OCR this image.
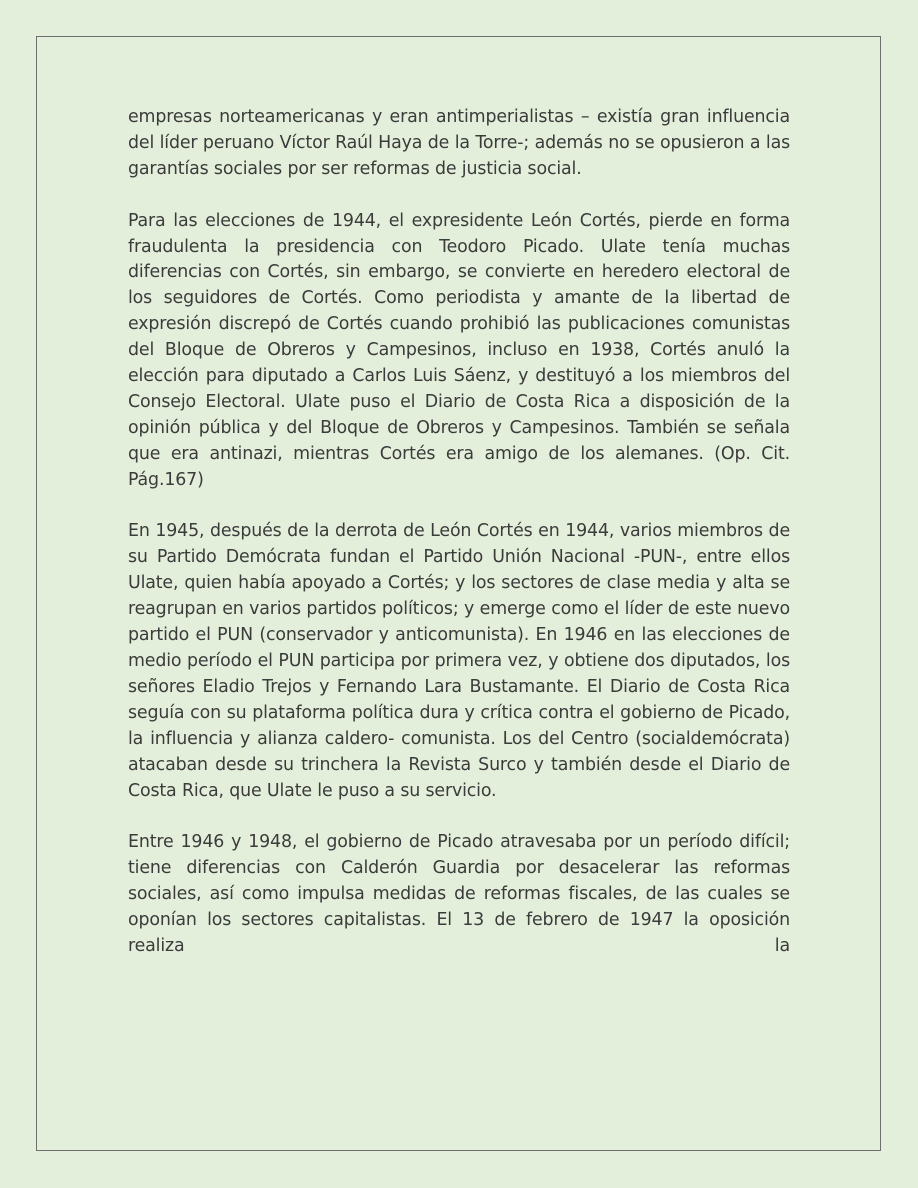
empresas norteamericanas y eran antimperialistas – existía gran influencia del líder peruano Víctor Raúl Haya de la Torre-; además no se opusieron a las garantías sociales por ser reformas de justicia social.

Para las elecciones de 1944, el expresidente León Cortés, pierde en forma fraudulenta la presidencia con Teodoro Picado. Ulate tenía muchas diferencias con Cortés, sin embargo, se convierte en heredero electoral de los seguidores de Cortés. Como periodista y amante de la libertad de expresión discrepó de Cortés cuando prohibió las publicaciones comunistas del Bloque de Obreros y Campesinos, incluso en 1938, Cortés anuló la elección para diputado a Carlos Luis Sáenz, y destituyó a los miembros del Consejo Electoral. Ulate puso el Diario de Costa Rica a disposición de la opinión pública y del Bloque de Obreros y Campesinos. También se señala que era antinazi, mientras Cortés era amigo de los alemanes. (Op. Cit. Pág.167)

En 1945, después de la derrota de León Cortés en 1944, varios miembros de su Partido Demócrata fundan el Partido Unión Nacional -PUN-, entre ellos Ulate, quien había apoyado a Cortés; y los sectores de clase media y alta se reagrupan en varios partidos políticos; y emerge como el líder de este nuevo partido el PUN (conservador y anticomunista). En 1946 en las elecciones de medio período el PUN participa por primera vez, y obtiene dos diputados, los señores Eladio Trejos y Fernando Lara Bustamante. El Diario de Costa Rica seguía con su plataforma política dura y crítica contra el gobierno de Picado, la influencia y alianza caldero- comunista. Los del Centro (socialdemócrata) atacaban desde su trinchera la Revista Surco y también desde el Diario de Costa Rica, que Ulate le puso a su servicio.

Entre 1946 y 1948, el gobierno de Picado atravesaba por un período difícil; tiene diferencias con Calderón Guardia por desacelerar las reformas sociales, así como impulsa medidas de reformas fiscales, de las cuales se oponían los sectores capitalistas. El 13 de febrero de 1947 la oposición realiza la
